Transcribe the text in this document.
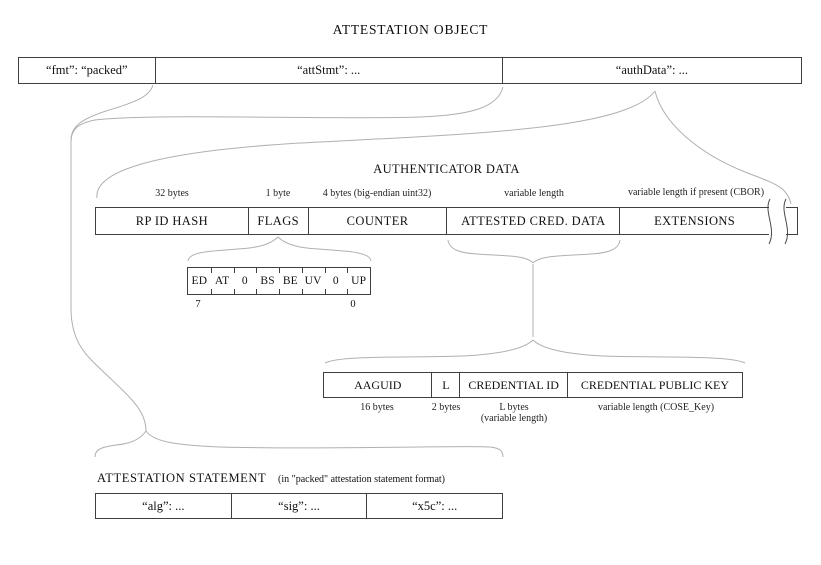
ATTESTATION OBJECT
“fmt”: “packed”	“attStmt”: ...	“authData”: ...
AUTHENTICATOR DATA
32 bytes	1 byte	4 bytes (big-endian uint32)	variable length	variable length if present (CBOR)
RP ID HASH	FLAGS	COUNTER	ATTESTED CRED. DATA	EXTENSIONS
ED AT	0	BS BE UV 0	UP
7	0
AAGUID	L	CREDENTIAL ID	CREDENTIAL PUBLIC KEY
16 bytes	2 bytes	L bytes
(variable length)
variable length (COSE_Key)
ATTESTATION STATEMENT (in "packed" attestation statement format)
“alg”: ...	“sig”: ...	“x5c”: ...
